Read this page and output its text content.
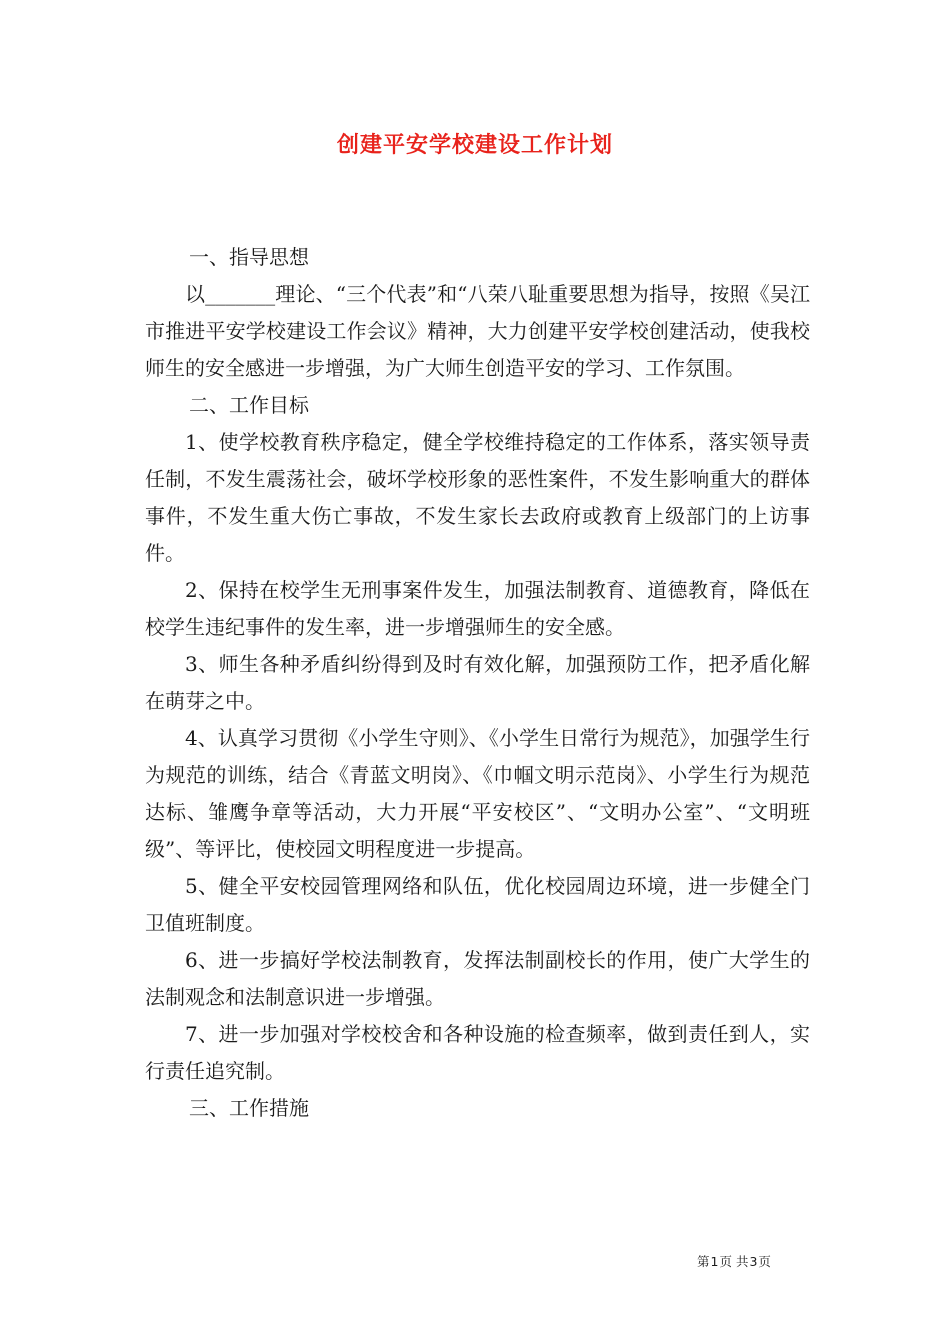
创建平安学校建设工作计划

一、指导思想

以_______理论、“三个代表”和“八荣八耻重要思想为指导，按照《吴江市推进平安学校建设工作会议》精神，大力创建平安学校创建活动，使我校师生的安全感进一步增强，为广大师生创造平安的学习、工作氛围。

二、工作目标

1、使学校教育秩序稳定，健全学校维持稳定的工作体系，落实领导责任制，不发生震荡社会，破坏学校形象的恶性案件，不发生影响重大的群体事件，不发生重大伤亡事故，不发生家长去政府或教育上级部门的上访事件。

2、保持在校学生无刑事案件发生，加强法制教育、道德教育，降低在校学生违纪事件的发生率，进一步增强师生的安全感。

3、师生各种矛盾纠纷得到及时有效化解，加强预防工作，把矛盾化解在萌芽之中。

4、认真学习贯彻《小学生守则》、《小学生日常行为规范》，加强学生行为规范的训练，结合《青蓝文明岗》、《巾帼文明示范岗》、小学生行为规范达标、雏鹰争章等活动，大力开展“平安校区”、“文明办公室”、“文明班级”、等评比，使校园文明程度进一步提高。

5、健全平安校园管理网络和队伍，优化校园周边环境，进一步健全门卫值班制度。

6、进一步搞好学校法制教育，发挥法制副校长的作用，使广大学生的法制观念和法制意识进一步增强。

7、进一步加强对学校校舍和各种设施的检查频率，做到责任到人，实行责任追究制。

三、工作措施

第1页 共3页
